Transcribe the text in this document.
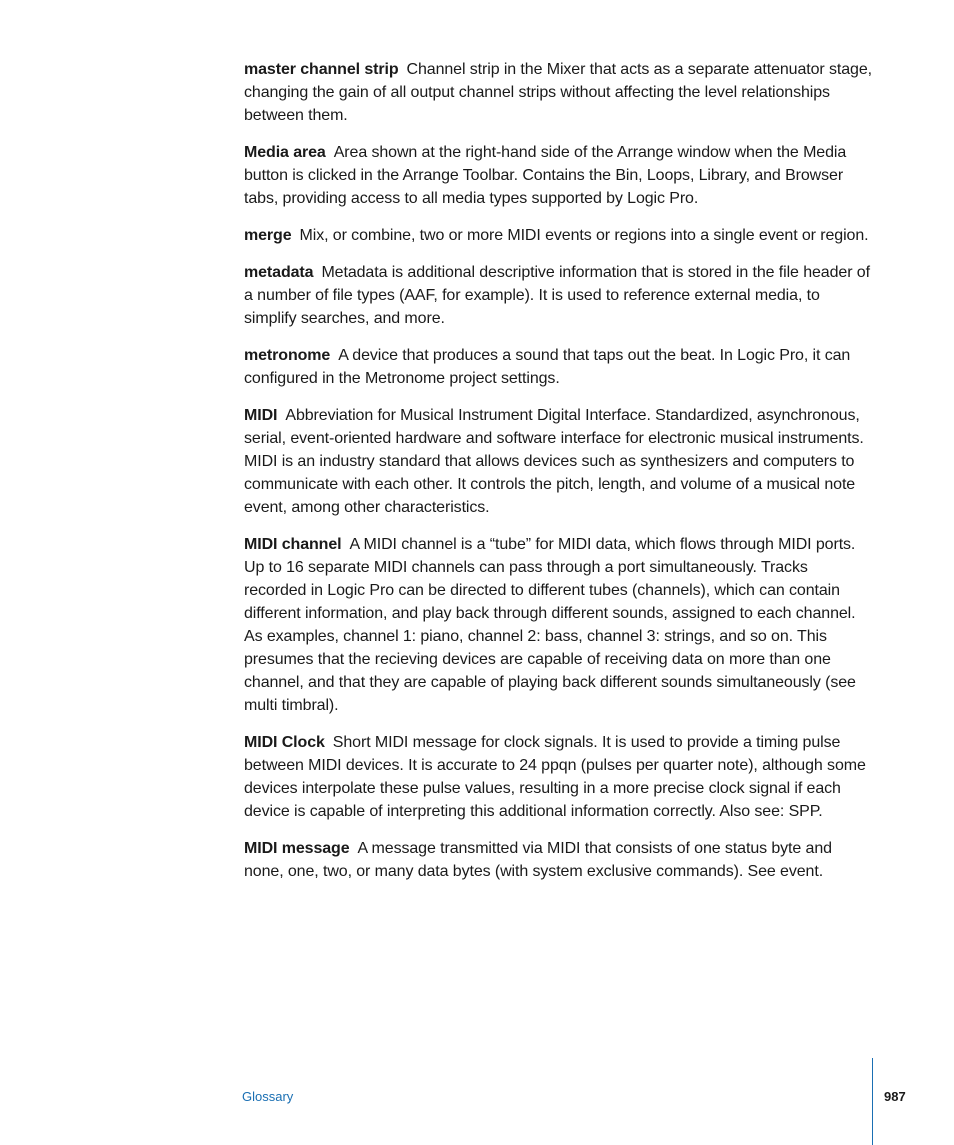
master channel strip Channel strip in the Mixer that acts as a separate attenuator stage, changing the gain of all output channel strips without affecting the level relationships between them.

Media area Area shown at the right-hand side of the Arrange window when the Media button is clicked in the Arrange Toolbar. Contains the Bin, Loops, Library, and Browser tabs, providing access to all media types supported by Logic Pro.

merge Mix, or combine, two or more MIDI events or regions into a single event or region.

metadata Metadata is additional descriptive information that is stored in the file header of a number of file types (AAF, for example). It is used to reference external media, to simplify searches, and more.

metronome A device that produces a sound that taps out the beat. In Logic Pro, it can configured in the Metronome project settings.

MIDI Abbreviation for Musical Instrument Digital Interface. Standardized, asynchronous, serial, event-oriented hardware and software interface for electronic musical instruments. MIDI is an industry standard that allows devices such as synthesizers and computers to communicate with each other. It controls the pitch, length, and volume of a musical note event, among other characteristics.

MIDI channel A MIDI channel is a “tube” for MIDI data, which flows through MIDI ports. Up to 16 separate MIDI channels can pass through a port simultaneously. Tracks recorded in Logic Pro can be directed to different tubes (channels), which can contain different information, and play back through different sounds, assigned to each channel. As examples, channel 1: piano, channel 2: bass, channel 3: strings, and so on. This presumes that the recieving devices are capable of receiving data on more than one channel, and that they are capable of playing back different sounds simultaneously (see multi timbral).

MIDI Clock Short MIDI message for clock signals. It is used to provide a timing pulse between MIDI devices. It is accurate to 24 ppqn (pulses per quarter note), although some devices interpolate these pulse values, resulting in a more precise clock signal if each device is capable of interpreting this additional information correctly. Also see: SPP.

MIDI message A message transmitted via MIDI that consists of one status byte and none, one, two, or many data bytes (with system exclusive commands). See event.

Glossary	987
